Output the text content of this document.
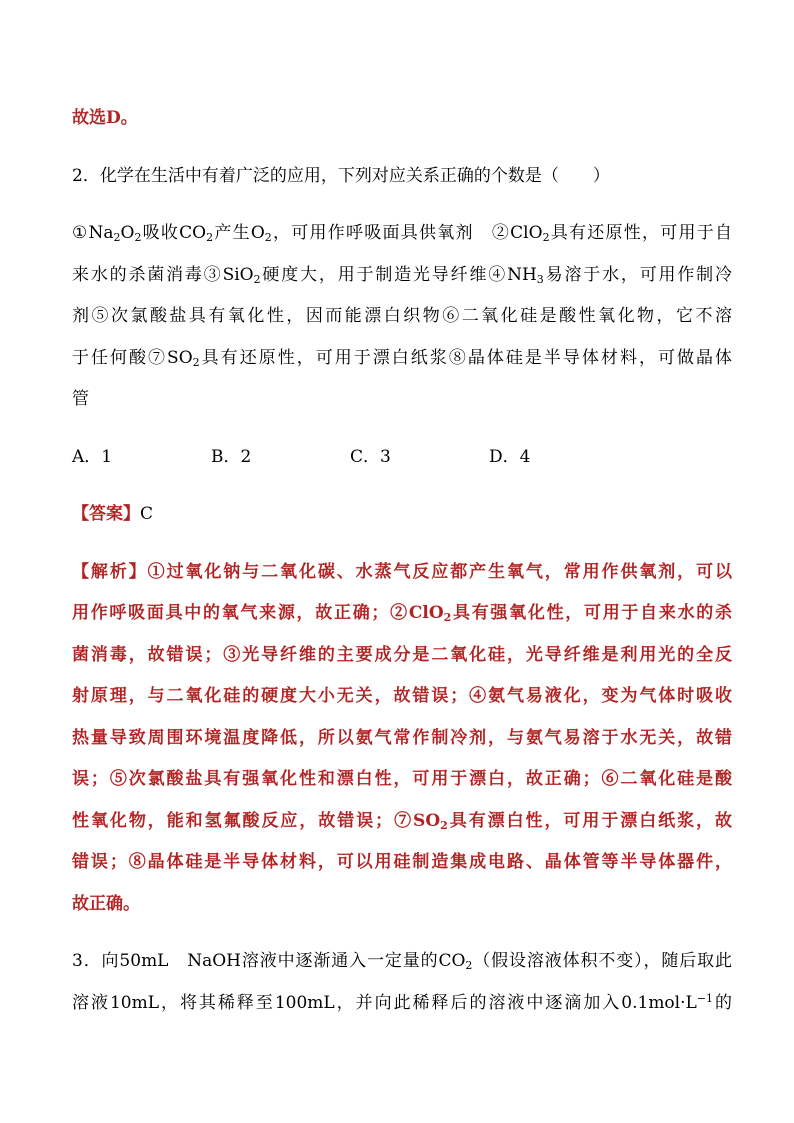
故选D。
2．化学在生活中有着广泛的应用，下列对应关系正确的个数是（　　）
$①Na_2O_2$吸收$CO_2$产生$O_2$，可用作呼吸面具供氧剂　②ClO$_2$具有还原性，可用于自
来水的杀菌消毒③SiO$_2$硬度大，用于制造光导纤维$④NH_3$易溶于水，可用作制冷
剂⑤次氯酸盐具有氧化性，因而能漂白织物⑥二氧化硅是酸性氧化物，它不溶
于任何酸$⑦SO_2$具有还原性，可用于漂白纸浆⑧晶体硅是半导体材料，可做晶体
管
A．1	B．2	C．3	D．4
【答案】C
【解析】①过氧化钠与二氧化碳、水蒸气反应都产生氧气，常用作供氧剂，可以
用作呼吸面具中的氧气来源，故正确；②ClO$_2$具有强氧化性，可用于自来水的杀
菌消毒，故错误；③光导纤维的主要成分是二氧化硅，光导纤维是利用光的全反
射原理，与二氧化硅的硬度大小无关，故错误；④氨气易液化，变为气体时吸收
热量导致周围环境温度降低，所以氨气常作制冷剂，与氨气易溶于水无关，故错
误；⑤次氯酸盐具有强氧化性和漂白性，可用于漂白，故正确；⑥二氧化硅是酸
性氧化物，能和氢氟酸反应，故错误；$⑦SO_2$具有漂白性，可用于漂白纸浆，故
错误；⑧晶体硅是半导体材料，可以用硅制造集成电路、晶体管等半导体器件，
故正确。
3．向50mL　NaOH溶液中逐渐通入一定量的$CO_2$（假设溶液体积不变），随后取此
溶液10mL，将其稀释至100mL，并向此稀释后的溶液中逐滴加入$0.1mol\cdot L^{-1}$的
